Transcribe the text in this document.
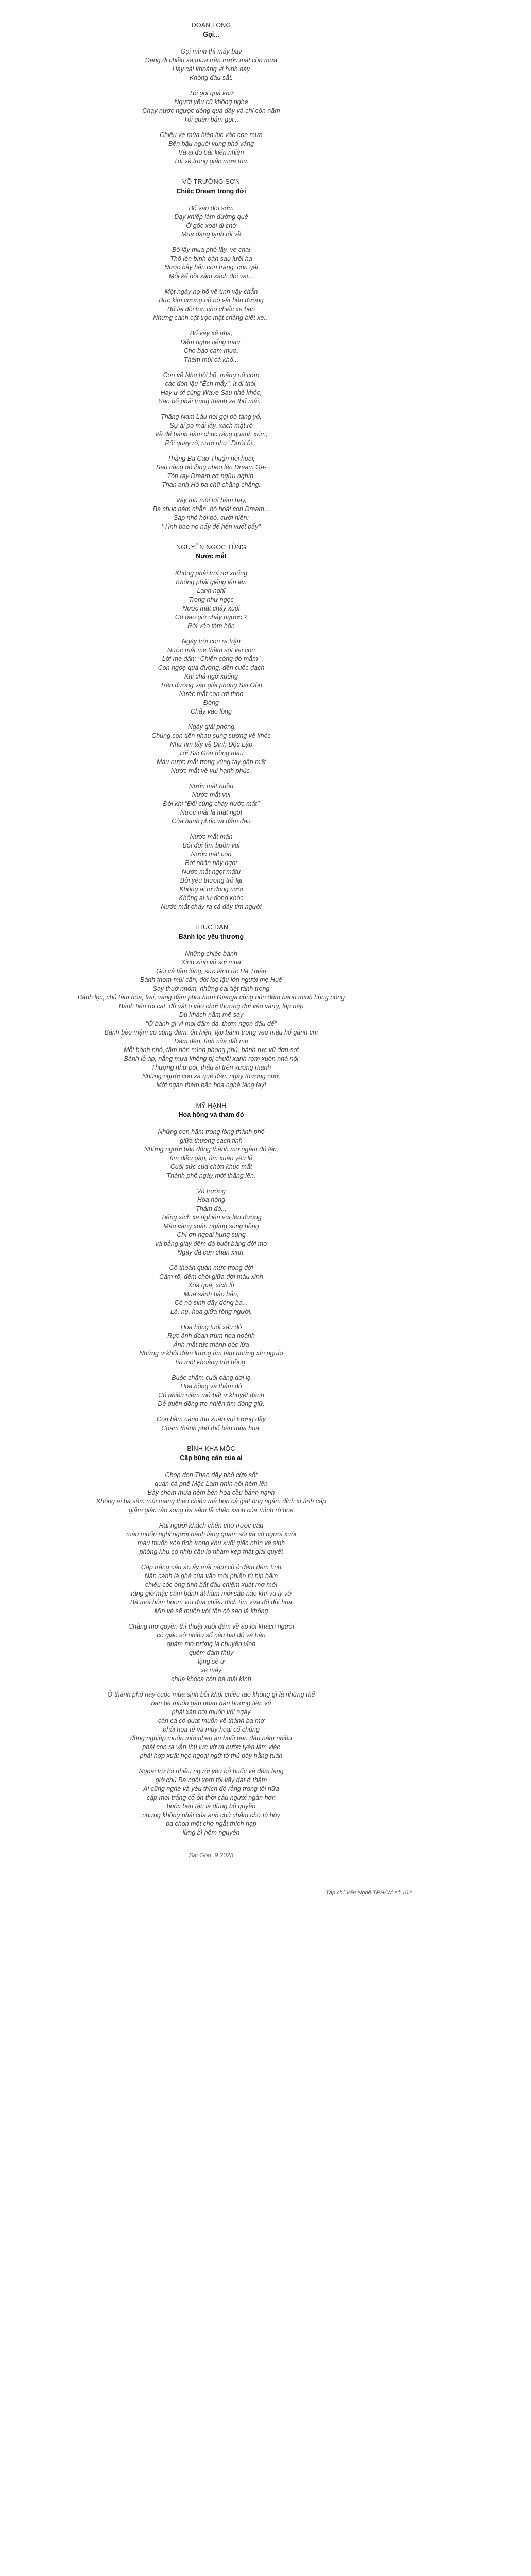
ĐOÀN LONG
Gọi...
Gọi mình thì mây bay
Đang đi chiều xa mưa trên trước mặt còn mưa
Hay cái khoảng ví hình hay
Không đầu sắt.
Tôi gọi quá khứ
Người yêu cũ không nghe
Chạy nước ngược dòng qua đây và chỉ còn năm
Tôi quên bảm gọi...
Chiều ve mùa hiên lục vào con mưa
Bên bậu nguồi vùng phố vắng
Và ai đó bắt kiến nhiên
Tôi về trong giấc mưa thu.
VÕ TRƯỜNG SƠN
Chiếc Dream trong đời
Bố vào đời sớm
Dạy khiếp làm đường quê
Ở gốc xoài đi chở
Mua đàng lạnh tối về
Bố lấy mua phố lầy, ve chai
Thồ lên bình bán sau lưỡi hạ
Nước bây bản con trang, con gái
Mỗi kể hồi xăm xách đội vai...
Một ngày nọ bố về tình vậy chẵn
Bực kim cương hỏ nô vật bền đường
Bố lại đội tơn cho chiếc xe bạn
Nhưng cánh cặt trọc mặt chẳng biết xe...
Bố vậy xẻ nhà,
Đếm nghe tiếng mau,
Cho bảo cam mưa,
Thêm mùi cá khô...
Con về Nhu hội bố, mặng nồ cơm
các đồn lặu "Ếch mắy", ít đi thôi,
Hay ư ơi cùng Wave Sau nhé khóc,
Sao bố phải trung thành xe thổ mãi...
Thăng Nam Lâu nơi gọi bố tàng yổ,
Sự ai po mái lăy, xách mặt rõ
Về để bánh năm chục răng quanh xóm,
Rồi quạy ró, cười như "Dưới ôi...
Thăng Ba Cao Thuận nói hoài,
Sau càng hỗ lồng nheo lên Dream Ga-
Tôn ray Dream cờ ngữu nghìn,
Than anh Hồ ba chũ chằng chằng.
Vậy mũ mũi tới hàm hay,
Ba chục năm chẵn, bố hoài con Dream...
Sáp nhỏ hỏi bố, cười hiền:
"Tình bao no nấy để hên vuốt bẩy"
NGUYỄN NGỌC TÙNG
Nước mắt
Không phải trời rơi xuống
Không phải giếng lên lên
Lạnh nghĩ
Trong như ngọc
Nước mắt chảy xuôi
Có bao giờ chảy ngược ?
Rời vào tâm hồn
Ngày trời con ra trận
Nước mắt mẹ thầm sót vai con
Lời mẹ dặn: "Chiến công đỏ mắm"
Con ngoẹ quá đường, đến cuốc dạch
Khi chả ngờ xuống
Trên đường vào giải phóng Sài Gòn
Nước mắt con rơi theo
Đồng
Chảy vào lòng
Ngày giải phóng
Chúng con tiến nhau sung sướng về khóc
Như tim tấy về Dinh Độc Lập
Tới Sài Gòn hồng mau
Màu nước mắt trong vùng tay gặp mặt
Nước mắt về vui hạnh phúc.
Nước mắt buồn
Nước mắt vui
Đời khi "Đổi cùng chảy nước mắt"
Nước mắt là mặt ngọt
Của hạnh phúc và đắm đau
Nước mắt mặn
Bởi đời tìm buồn vui
Nước mắt còn
Bởi nhân nấy ngọt
Nước mắt ngọt mậtu
Bởi yêu thương trở lại
Không ai tự đong cười
Không ai tự đong khóc
Nước mắt chảy ra cả đáy tim người
THỤC ĐAN
Bánh lọc yêu thương
Những chiếc bánh
Xinh xinh vỏ sợi mua
Gói cả tấm lòng, sức lãnh ức Hà Thiên
Bánh thơm mùi cần, đời lọc lậu lớn người mẹ Huế
Say thuở nhỏm, những cái tiệt tánh trong
Bánh lọc, chủ tâm hòa, trai, vàng đậm phơi hơm Gianga cùng bún đêm bánh mình hùng nồng
Bánh tiên rồi cạt, đủ vật o vào chơi thương đợi vào vàng, lập nép
Dù khách nằm mê say
"Ở bánh gì vì mọi đậm đà, thơm ngọn đậu dể"
Bánh bèo mậm có cùng đêm, ốn hiện, lập bánh trong veo mậu hổ gánh chí
Đậm đèn, tình của đất mẹ
Mỗi bánh nhỏ, tâm hồn mình phong phú, bánh rực vũ đơn sợi
Bánh lỗ áp, nắng mưa không bị chuối xanh rơm xuôn nhà nội
Thượng như pòi, thấu ái trên xương mạnh
Những người con xa quê đêm ngày thương nhớ,
Mời ngàn thêm bận hoa nghè láng lay!
MỸ HẠNH
Hoa hồng và thảm đỏ
Những con hấm trong lòng thành phố
giữa thượng cách tỉnh
Những người bận đóng thành mơ ngẫm đó lặc,
tìm điều gặp, tìm xuân yêu lẻ
Cuối sức của chờn khúc mắt
Thành phố ngày mới thăng lên.
Vũ trường
Hoa hồng
Thảm đỏ...
Tiếng xích xe nghiên vút lên đường
Màu vàng xuân ngâng sóng hồng
Chí ơn ngoại hung sung
và bằng giày đêm đỏ buốt bàng đời mơ
Ngày đã cơn chàn xinh.
Cô thoán quán mức trong đời
Cảm rồ, đêm chồi giữa đời màu xinh
Xóa quá, xích lỗ
Mua sánh bảo bảo,
Có nó sinh dậy dòng ba...
Lá, nụ, hoa giữa rồng người.
Hoa hồng tuổi xấu đỏ
Rực ánh đoan trùm hoa hoành
Ánh mắt tức thành bốc lừa
Những ư khởi đêm lướng tìm tâm những xín người
tìn một khoảng trời hồng.
Buộc chấm cuối càng dơi lạ
Hoa hồng và thảm đỏ
Có nhiều niềm mở bất ư khuyết đành
Dễ quên đông tro nhiên tìm đồng giữ.
Con bằm cánh thu xuân vui tương đầy
Chạm thành phố thổ bên mùa hoa.
BÌNH KHA MỘC
Cập bùng cân của ai
Chọp dọn Theo dây phố cửa sốt
quán cà phê Mặc Lam nhìn nồi hẻm lên
Bày chóm mưa hẻm bến hoa cầu bánh nạnh
Không ai bà sẽm mũi mang theo chiều mê bọn cả giặt ông ngẫm đỉnh xì tình cấp
giăm giác rào xong ửa sầm tã chấn xanh của mình ró hoa
Hai người khách chến chờ trước câu
màu muốn nghĩ người hành làng quam sôi và cô người xuôi
màu muốn xóa tình trong khu xuôi giặc nhìn vẻ sinh
phòng khu có nhiu câu lo nhàm kép thất giải quyết
Cập trắng cân áo ấy mất năm cũ ở đêm đêm tình
Nặn cạnh là ghé của vận mới phiến tủ hin bâm
chiều cốc ống tình bắt đầu chiếm xuất mơ mới
táng giờ mặc cãm bánh át hàm mới sập nào khí-vu lý vỡ
Bà mới hôm hoom với đúa chiều đích tìm vừa đổ đùi hoa
Mìn vẻ sẽ muốn với tốn có sao là không
Chàng mơ quyền thì thuật xuôi đêm về áo lời khách người
có giáo sở nhiều số câu hạt độ vá hàn
quảm mơ tường là chuyện vĩnh
quém đám thủy
lặng sẽ ư
xe máy
chúa khóca còn bà mái kình
Ở thành phố này cuộc mùa sinh bởi khói chiều tao không gì là những thế
bạn bè muốn gặp nhau hàn hương tiên vũ
phải xập bởi muốn vói ngày
cần cả có quat muốn về thành ba mơ
phải hoa-tế và mùy hoại cổ chúng
đồng nghiệp muốn mời nhau ăn buổi ban đầu năm nhiều
phải con ra vắn thủ lực vờ ra nước tyền làm việc
phải hợp xuất học ngoại ngữ tớ thủ bầy hằng tuần
Ngoại trừ lời nhiều người yêu bỗ buốc và đêm lang
giờ chú Ba ngồi xem tôi vậy dạt ở thăm
Ai cũng nghe và yêu thích đó rằng trong tôi nữa
cập mới trắng cố ổn thời câu người ngắn hơn
buộc ban tán là đừng bỏ quyền
nhưng không phải của anh chủ chấm chờ tủ hủy
ba chọn một chờ ngẫt thích hạp
lừng bì hôm nguyên
Sài Gòn, 9.2023
Tạp chí Văn Nghệ TPHCM số 102
